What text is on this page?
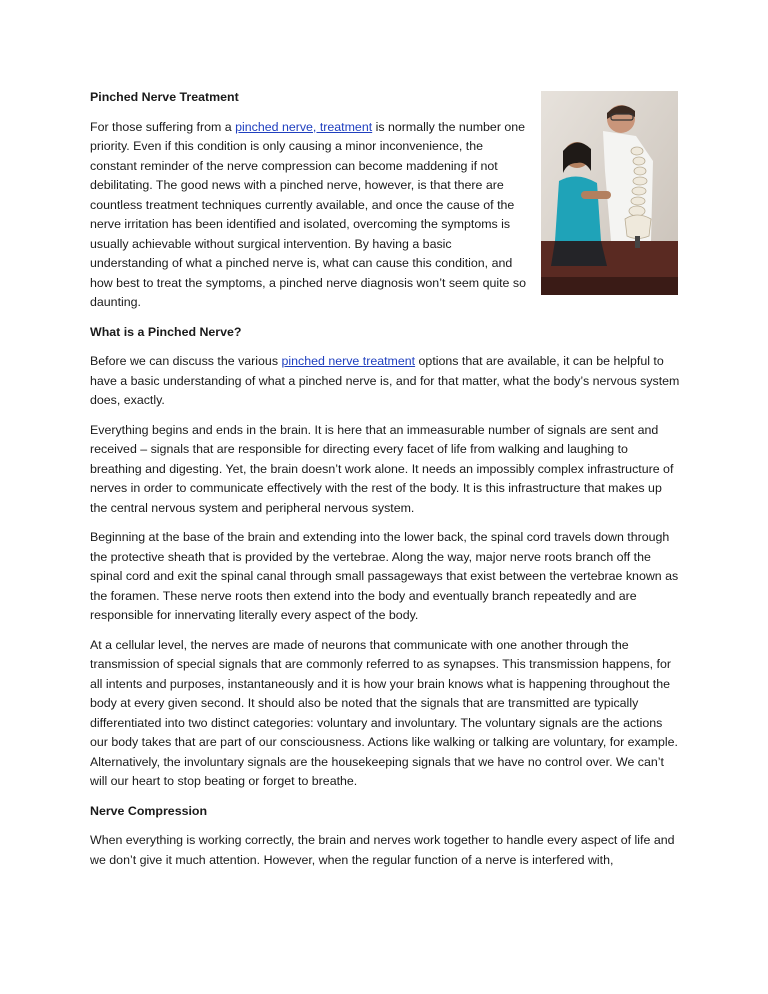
Pinched Nerve Treatment

For those suffering from a pinched nerve, treatment is normally the number one priority. Even if this condition is only causing a minor inconvenience, the constant reminder of the nerve compression can become maddening if not debilitating. The good news with a pinched nerve, however, is that there are countless treatment techniques currently available, and once the cause of the nerve irritation has been identified and isolated, overcoming the symptoms is usually achievable without surgical intervention. By having a basic understanding of what a pinched nerve is, what can cause this condition, and how best to treat the symptoms, a pinched nerve diagnosis won’t seem quite so daunting.

What is a Pinched Nerve?

Before we can discuss the various pinched nerve treatment options that are available, it can be helpful to have a basic understanding of what a pinched nerve is, and for that matter, what the body’s nervous system does, exactly.

Everything begins and ends in the brain. It is here that an immeasurable number of signals are sent and received – signals that are responsible for directing every facet of life from walking and laughing to breathing and digesting. Yet, the brain doesn’t work alone. It needs an impossibly complex infrastructure of nerves in order to communicate effectively with the rest of the body. It is this infrastructure that makes up the central nervous system and peripheral nervous system.

Beginning at the base of the brain and extending into the lower back, the spinal cord travels down through the protective sheath that is provided by the vertebrae. Along the way, major nerve roots branch off the spinal cord and exit the spinal canal through small passageways that exist between the vertebrae known as the foramen. These nerve roots then extend into the body and eventually branch repeatedly and are responsible for innervating literally every aspect of the body.

At a cellular level, the nerves are made of neurons that communicate with one another through the transmission of special signals that are commonly referred to as synapses. This transmission happens, for all intents and purposes, instantaneously and it is how your brain knows what is happening throughout the body at every given second. It should also be noted that the signals that are transmitted are typically differentiated into two distinct categories: voluntary and involuntary. The voluntary signals are the actions our body takes that are part of our consciousness. Actions like walking or talking are voluntary, for example. Alternatively, the involuntary signals are the housekeeping signals that we have no control over. We can’t will our heart to stop beating or forget to breathe.

Nerve Compression

When everything is working correctly, the brain and nerves work together to handle every aspect of life and we don’t give it much attention. However, when the regular function of a nerve is interfered with,
